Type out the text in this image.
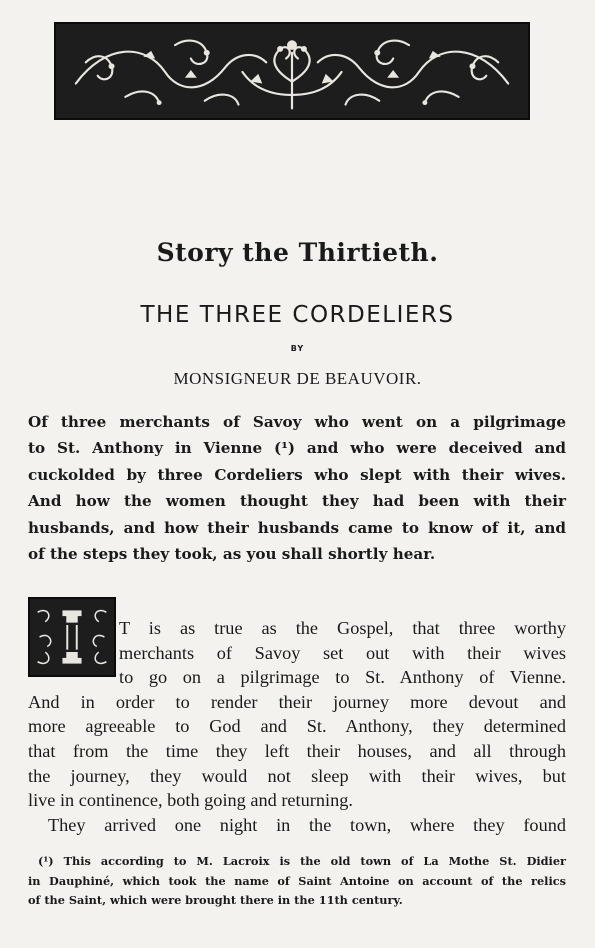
Story the Thirtieth.
THE THREE CORDELIERS
BY
MONSIGNEUR DE BEAUVOIR.
Of three merchants of Savoy who went on a pilgrimage
to St. Anthony in Vienne (¹) and who were deceived and
cuckolded by three Cordeliers who slept with their wives.
And how the women thought they had been with their
husbands, and how their husbands came to know of it, and
of the steps they took, as you shall shortly hear.
I	T is as true as the Gospel, that three worthy
merchants of Savoy set out with their wives
to go on a pilgrimage to St. Anthony of Vienne.
And in order to render their journey more devout and
more agreeable to God and St. Anthony, they determined
that from the time they left their houses, and all through
the journey, they would not sleep with their wives, but
live in continence, both going and returning.
They arrived one night in the town, where they found
(¹) This according to M. Lacroix is the old town of La Mothe St. Didier
in Dauphiné, which took the name of Saint Antoine on account of the relics
of the Saint, which were brought there in the 11th century.
